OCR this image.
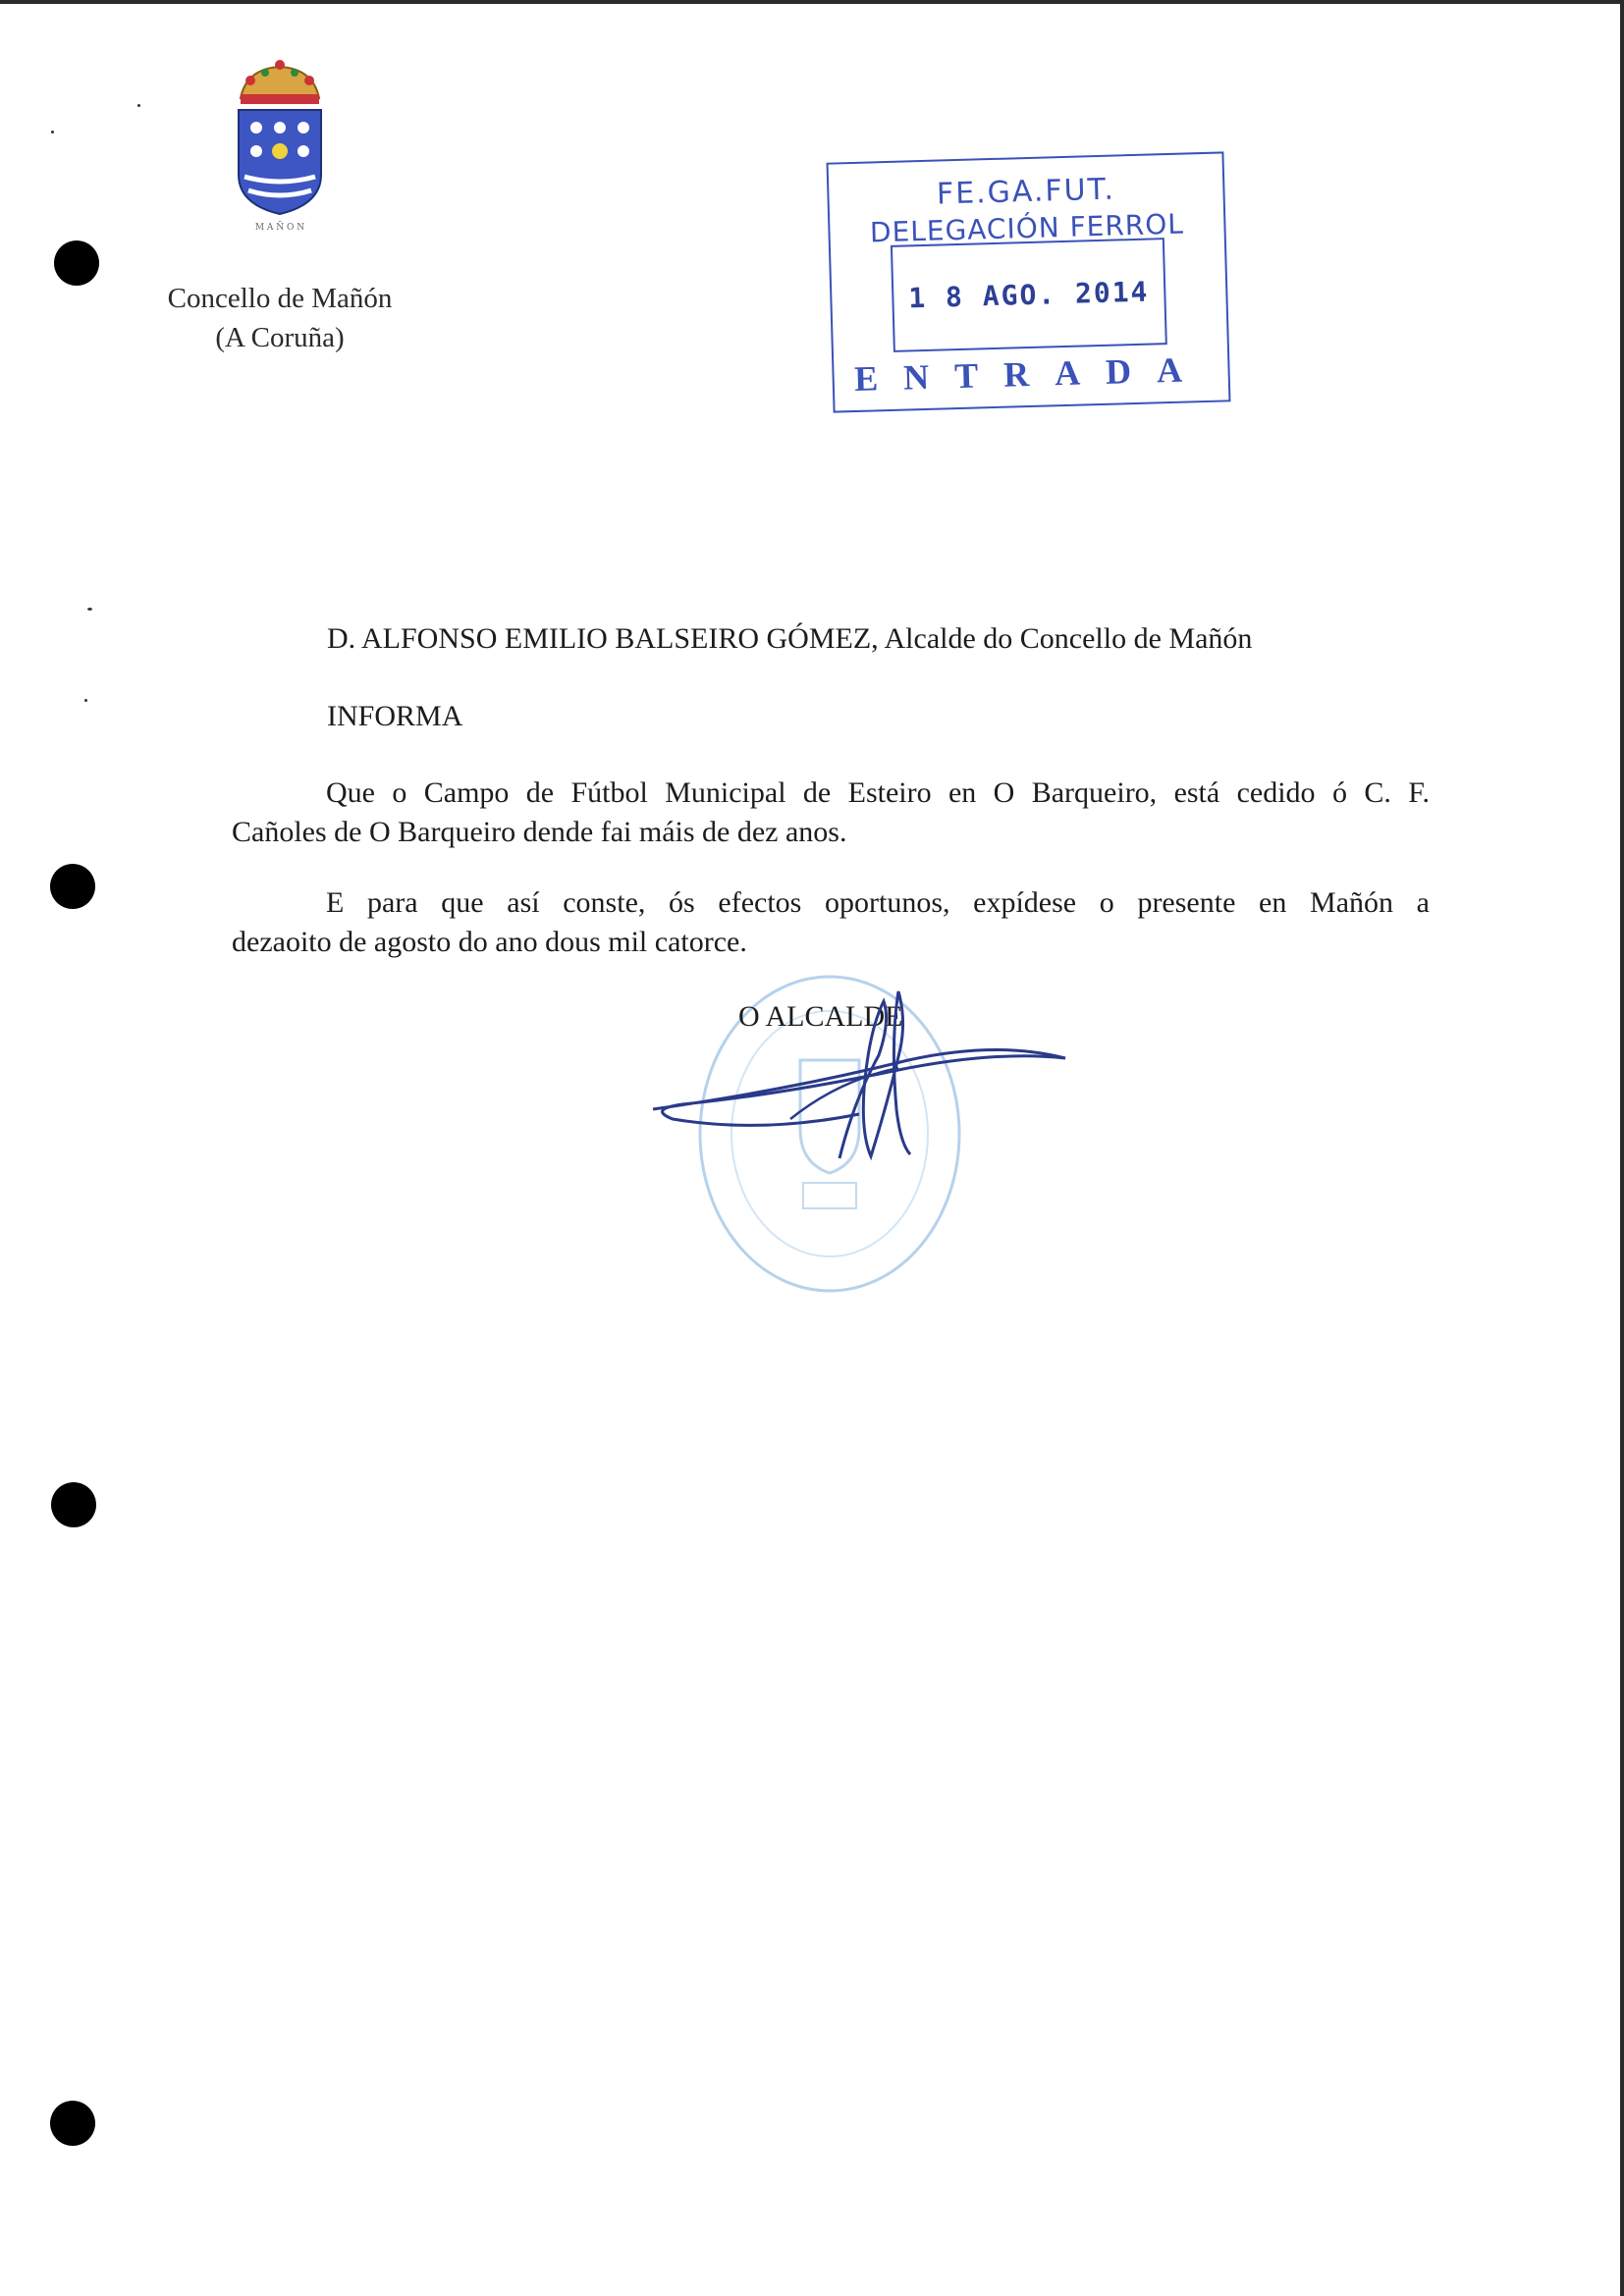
M A Ñ O N
Concello de Mañón
(A Coruña)
FE.GA.FUT.
DELEGACIÓN FERROL
1 8 AGO. 2014
ENTRADA
D. ALFONSO EMILIO BALSEIRO GÓMEZ, Alcalde do Concello de Mañón
INFORMA
Que o Campo de Fútbol Municipal de Esteiro en O Barqueiro, está cedido ó C. F.
Cañoles de O Barqueiro dende fai máis de dez anos.
E para que así conste, ós efectos oportunos, expídese o presente en Mañón a
dezaoito de agosto do ano dous mil catorce.
O ALCALDE
